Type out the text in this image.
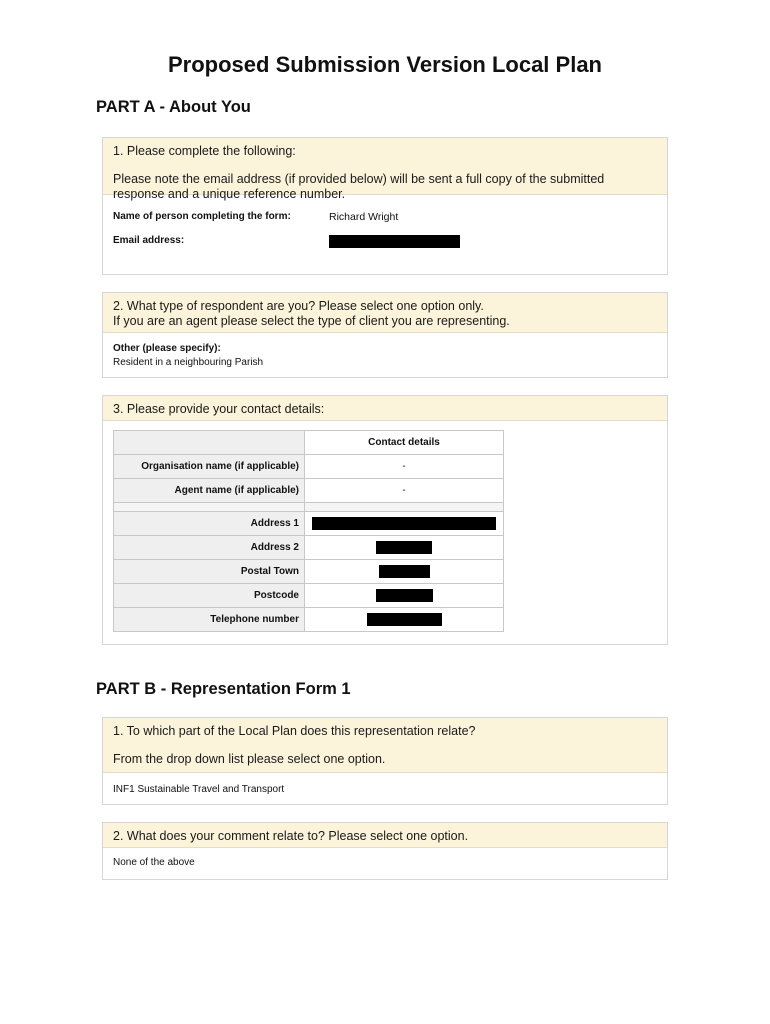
Proposed Submission Version Local Plan
PART A - About You

1. Please complete the following:

Please note the email address (if provided below) will be sent a full copy of the submitted response and a unique reference number.

Name of person completing the form:	Richard Wright
Email address:

2. What type of respondent are you? Please select one option only.

If you are an agent please select the type of client you are representing.

Other (please specify):
Resident in a neighbouring Parish

3. Please provide your contact details:

	Contact details
Organisation name (if applicable)	-
Agent name (if applicable)	-

Address 1	
Address 2	
Postal Town	
Postcode	
Telephone number	
PART B - Representation Form 1

1. To which part of the Local Plan does this representation relate?

From the drop down list please select one option.

INF1 Sustainable Travel and Transport

2. What does your comment relate to? Please select one option.

None of the above
